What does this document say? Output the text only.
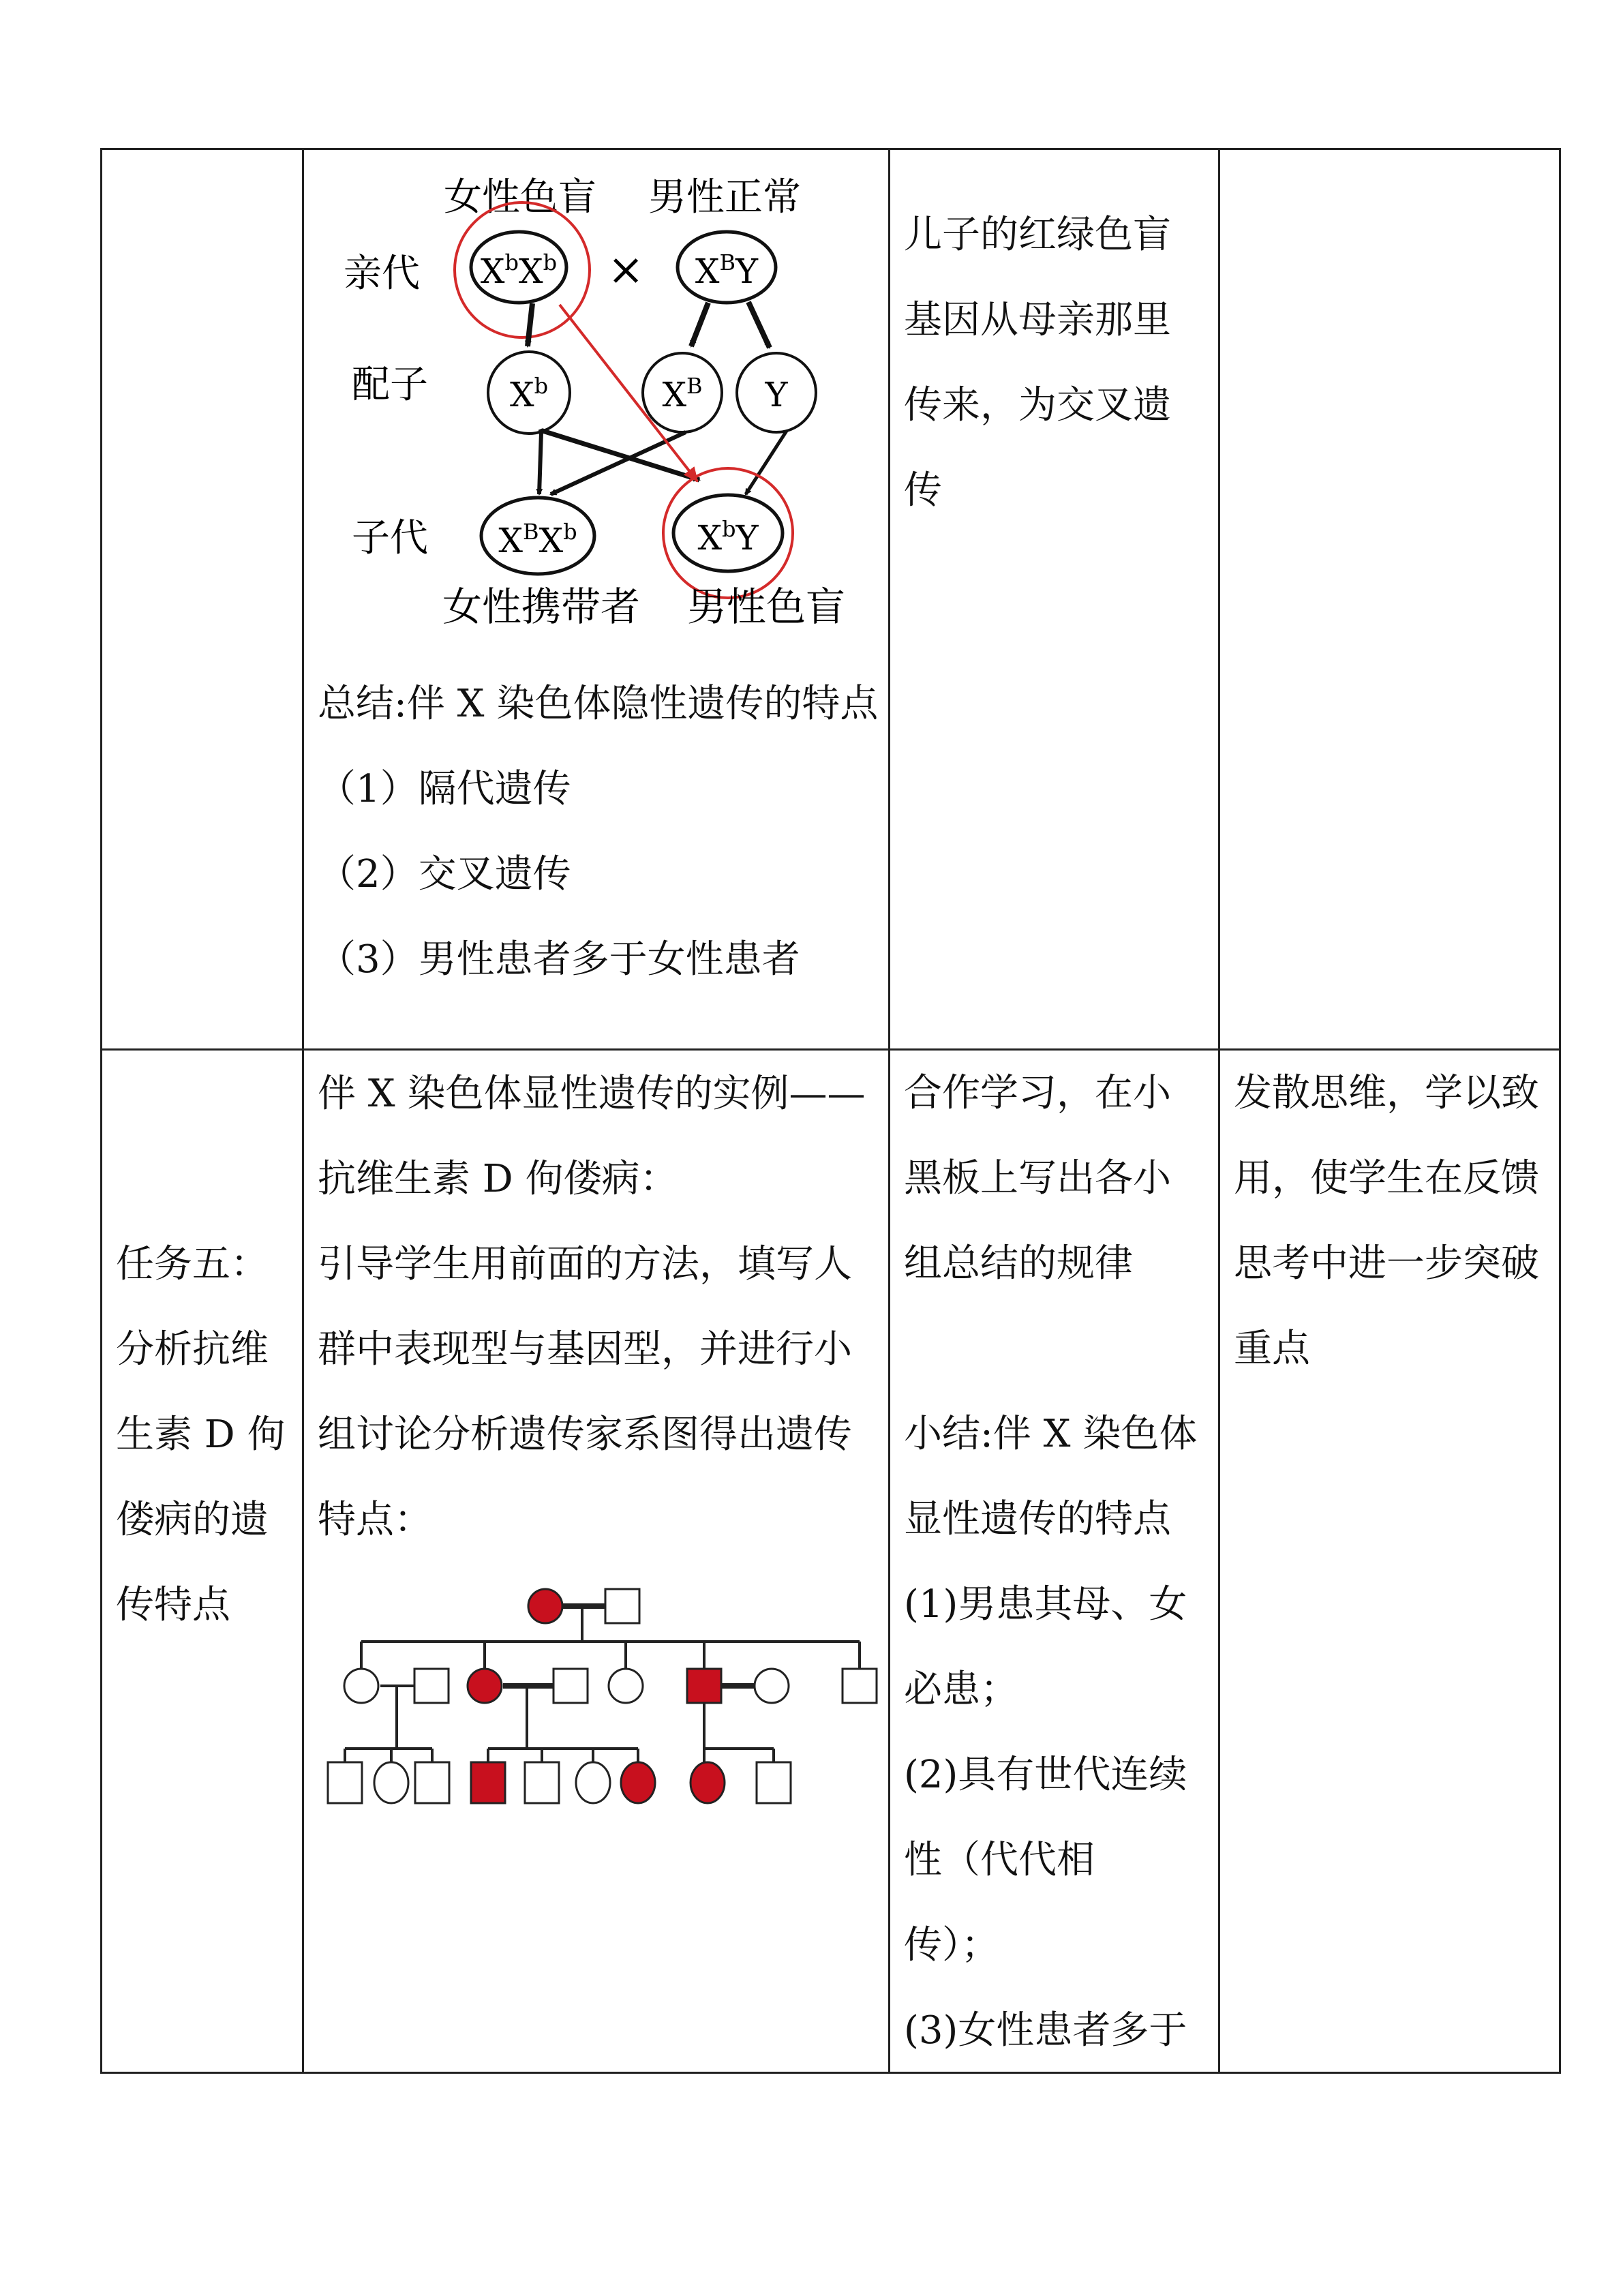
女性色盲 男性正常
亲代
配子
子代
$X^bX^b \times X^BY$
$X^b$	$X^B$ Y
$X^BX^b$	$X^bY$
女性携带者 男性色盲

总结:伴 X 染色体隐性遗传的特点

（1）隔代遗传

（2）交叉遗传

（3）男性患者多于女性患者

儿子的红绿色盲

基因从母亲那里

传来，为交叉遗

传

任务五：

分析抗维

生素 D 佝

偻病的遗

传特点

伴 X 染色体显性遗传的实例——

抗维生素 D 佝偻病：

引导学生用前面的方法，填写人

群中表现型与基因型，并进行小

组讨论分析遗传家系图得出遗传

特点：

合作学习，在小

黑板上写出各小

组总结的规律

小结:伴 X 染色体

显性遗传的特点

(1)男患其母、女

必患；

(2)具有世代连续

性（代代相

传）；

(3)女性患者多于

发散思维，学以致

用，使学生在反馈

思考中进一步突破

重点
